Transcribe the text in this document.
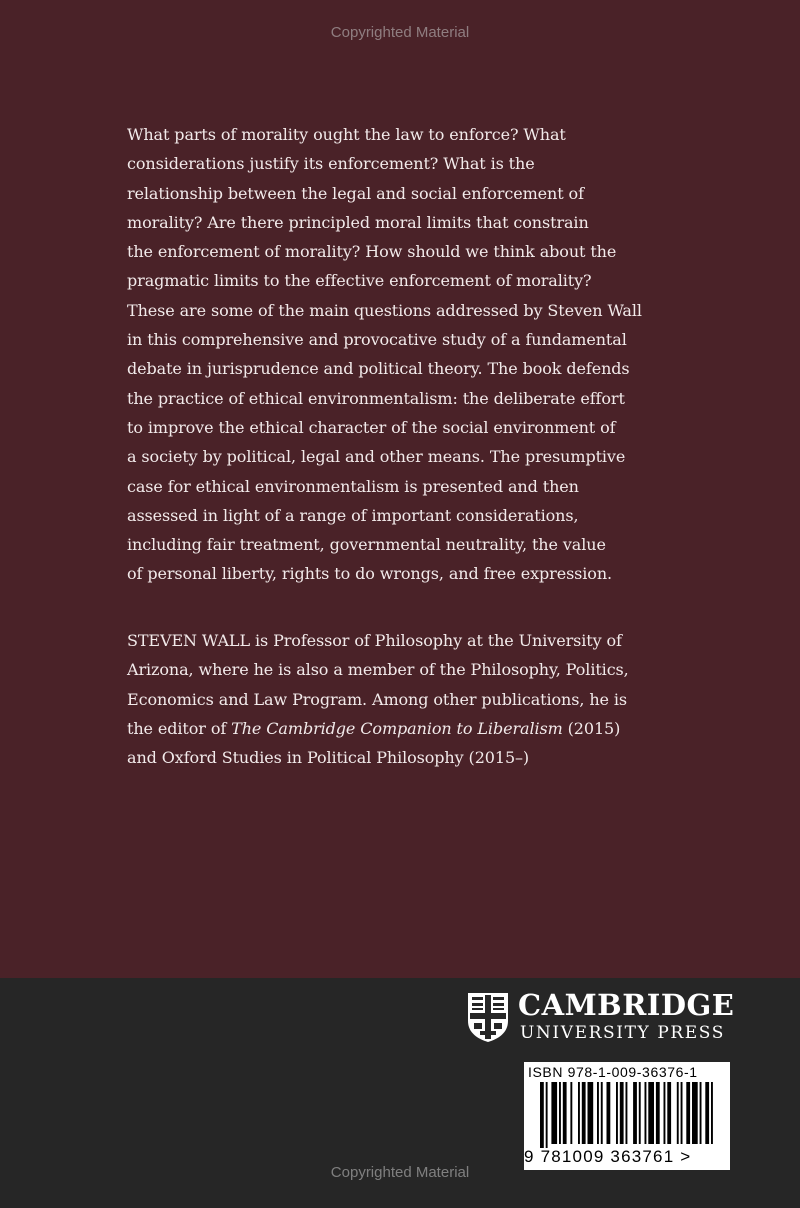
Copyrighted Material

What parts of morality ought the law to enforce? What
considerations justify its enforcement? What is the
relationship between the legal and social enforcement of
morality? Are there principled moral limits that constrain
the enforcement of morality? How should we think about the
pragmatic limits to the effective enforcement of morality?
These are some of the main questions addressed by Steven Wall
in this comprehensive and provocative study of a fundamental
debate in jurisprudence and political theory. The book defends
the practice of ethical environmentalism: the deliberate effort
to improve the ethical character of the social environment of
a society by political, legal and other means. The presumptive
case for ethical environmentalism is presented and then
assessed in light of a range of important considerations,
including fair treatment, governmental neutrality, the value
of personal liberty, rights to do wrongs, and free expression.

STEVEN WALL is Professor of Philosophy at the University of
Arizona, where he is also a member of the Philosophy, Politics,
Economics and Law Program. Among other publications, he is
the editor of The Cambridge Companion to Liberalism (2015)
and Oxford Studies in Political Philosophy (2015–)

CAMBRIDGE
UNIVERSITY PRESS
ISBN 978-1-009-36376-1
9 781009 363761 >
Copyrighted Material
